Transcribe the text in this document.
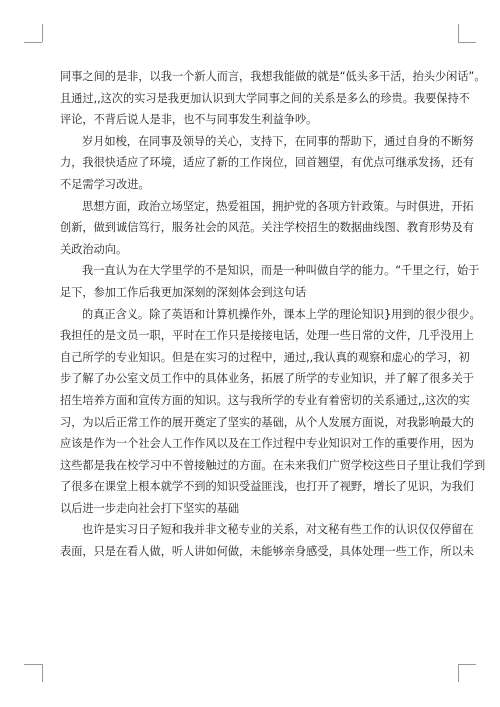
同事之间的是非，以我一个新人而言，我想我能做的就是“低头多干活，抬头少闲话”。
且通过,,这次的实习是我更加认识到大学同事之间的关系是多么的珍贵。我要保持不
评论，不背后说人是非，也不与同事发生利益争吵。
岁月如梭，在同事及领导的关心，支持下，在同事的帮助下，通过自身的不断努
力，我很快适应了环境，适应了新的工作岗位，回首翘望，有优点可继承发扬，还有
不足需学习改进。
思想方面，政治立场坚定，热爱祖国，拥护党的各项方针政策。与时俱进，开拓
创新，做到诚信笃行，服务社会的风范。关注学校招生的数据曲线图、教育形势及有
关政治动向。
我一直认为在大学里学的不是知识，而是一种叫做自学的能力。“千里之行，始于
足下，参加工作后我更加深刻的深刻体会到这句话
的真正含义。除了英语和计算机操作外，课本上学的理论知识}用到的很少很少。
我担任的是文员一职，平时在工作只是接接电话，处理一些日常的文件，几乎没用上
自己所学的专业知识。但是在实习的过程中，通过,,我认真的观察和虚心的学习，初
步了解了办公室文员工作中的具体业务，拓展了所学的专业知识，并了解了很多关于
招生培养方面和宣传方面的知识。这与我所学的专业有着密切的关系通过,,这次的实
习，为以后正常工作的展开奠定了坚实的基础，从个人发展方面说，对我影响最大的
应该是作为一个社会人工作作风以及在工作过程中专业知识对工作的重要作用，因为
这些都是我在校学习中不曾接触过的方面。在未来我们广贸学校这些日子里让我们学到
了很多在课堂上根本就学不到的知识受益匪浅，也打开了视野，增长了见识，为我们
以后进一步走向社会打下坚实的基础
也许是实习日子短和我并非文秘专业的关系，对文秘有些工作的认识仅仅停留在
表面，只是在看人做，听人讲如何做，未能够亲身感受，具体处理一些工作，所以未
